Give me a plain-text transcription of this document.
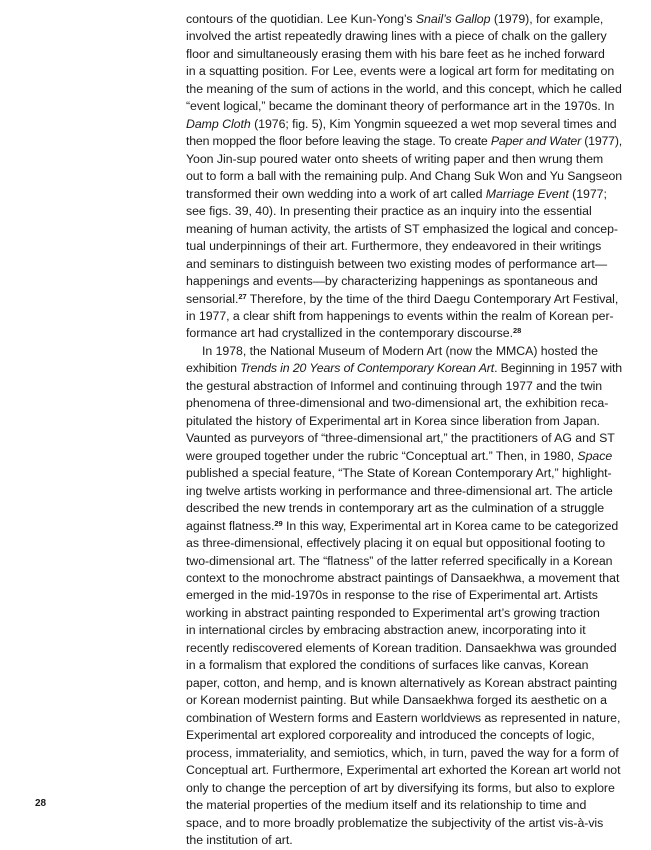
contours of the quotidian. Lee Kun-Yong’s Snail’s Gallop (1979), for example,
involved the artist repeatedly drawing lines with a piece of chalk on the gallery
floor and simultaneously erasing them with his bare feet as he inched forward
in a squatting position. For Lee, events were a logical art form for meditating on
the meaning of the sum of actions in the world, and this concept, which he called
“event logical,” became the dominant theory of performance art in the 1970s. In
Damp Cloth (1976; fig. 5), Kim Yongmin squeezed a wet mop several times and
then mopped the floor before leaving the stage. To create Paper and Water (1977),
Yoon Jin-sup poured water onto sheets of writing paper and then wrung them
out to form a ball with the remaining pulp. And Chang Suk Won and Yu Sangseon
transformed their own wedding into a work of art called Marriage Event (1977;
see figs. 39, 40). In presenting their practice as an inquiry into the essential
meaning of human activity, the artists of ST emphasized the logical and concep-
tual underpinnings of their art. Furthermore, they endeavored in their writings
and seminars to distinguish between two existing modes of performance art—
happenings and events—by characterizing happenings as spontaneous and
sensorial.$^{27}$ Therefore, by the time of the third Daegu Contemporary Art Festival,
in 1977, a clear shift from happenings to events within the realm of Korean per-
formance art had crystallized in the contemporary discourse.$^{28}$
In 1978, the National Museum of Modern Art (now the MMCA) hosted the
exhibition Trends in 20 Years of Contemporary Korean Art. Beginning in 1957 with
the gestural abstraction of Informel and continuing through 1977 and the twin
phenomena of three-dimensional and two-dimensional art, the exhibition reca-
pitulated the history of Experimental art in Korea since liberation from Japan.
Vaunted as purveyors of “three-dimensional art,” the practitioners of AG and ST
were grouped together under the rubric “Conceptual art.” Then, in 1980, Space
published a special feature, “The State of Korean Contemporary Art,” highlight-
ing twelve artists working in performance and three-dimensional art. The article
described the new trends in contemporary art as the culmination of a struggle
against flatness.$^{29}$ In this way, Experimental art in Korea came to be categorized
as three-dimensional, effectively placing it on equal but oppositional footing to
two-dimensional art. The “flatness” of the latter referred specifically in a Korean
context to the monochrome abstract paintings of Dansaekhwa, a movement that
emerged in the mid-1970s in response to the rise of Experimental art. Artists
working in abstract painting responded to Experimental art’s growing traction
in international circles by embracing abstraction anew, incorporating into it
recently rediscovered elements of Korean tradition. Dansaekhwa was grounded
in a formalism that explored the conditions of surfaces like canvas, Korean
paper, cotton, and hemp, and is known alternatively as Korean abstract painting
or Korean modernist painting. But while Dansaekhwa forged its aesthetic on a
combination of Western forms and Eastern worldviews as represented in nature,
Experimental art explored corporeality and introduced the concepts of logic,
process, immateriality, and semiotics, which, in turn, paved the way for a form of
Conceptual art. Furthermore, Experimental art exhorted the Korean art world not
only to change the perception of art by diversifying its forms, but also to explore
the material properties of the medium itself and its relationship to time and
space, and to more broadly problematize the subjectivity of the artist vis-à-vis
the institution of art.
28
